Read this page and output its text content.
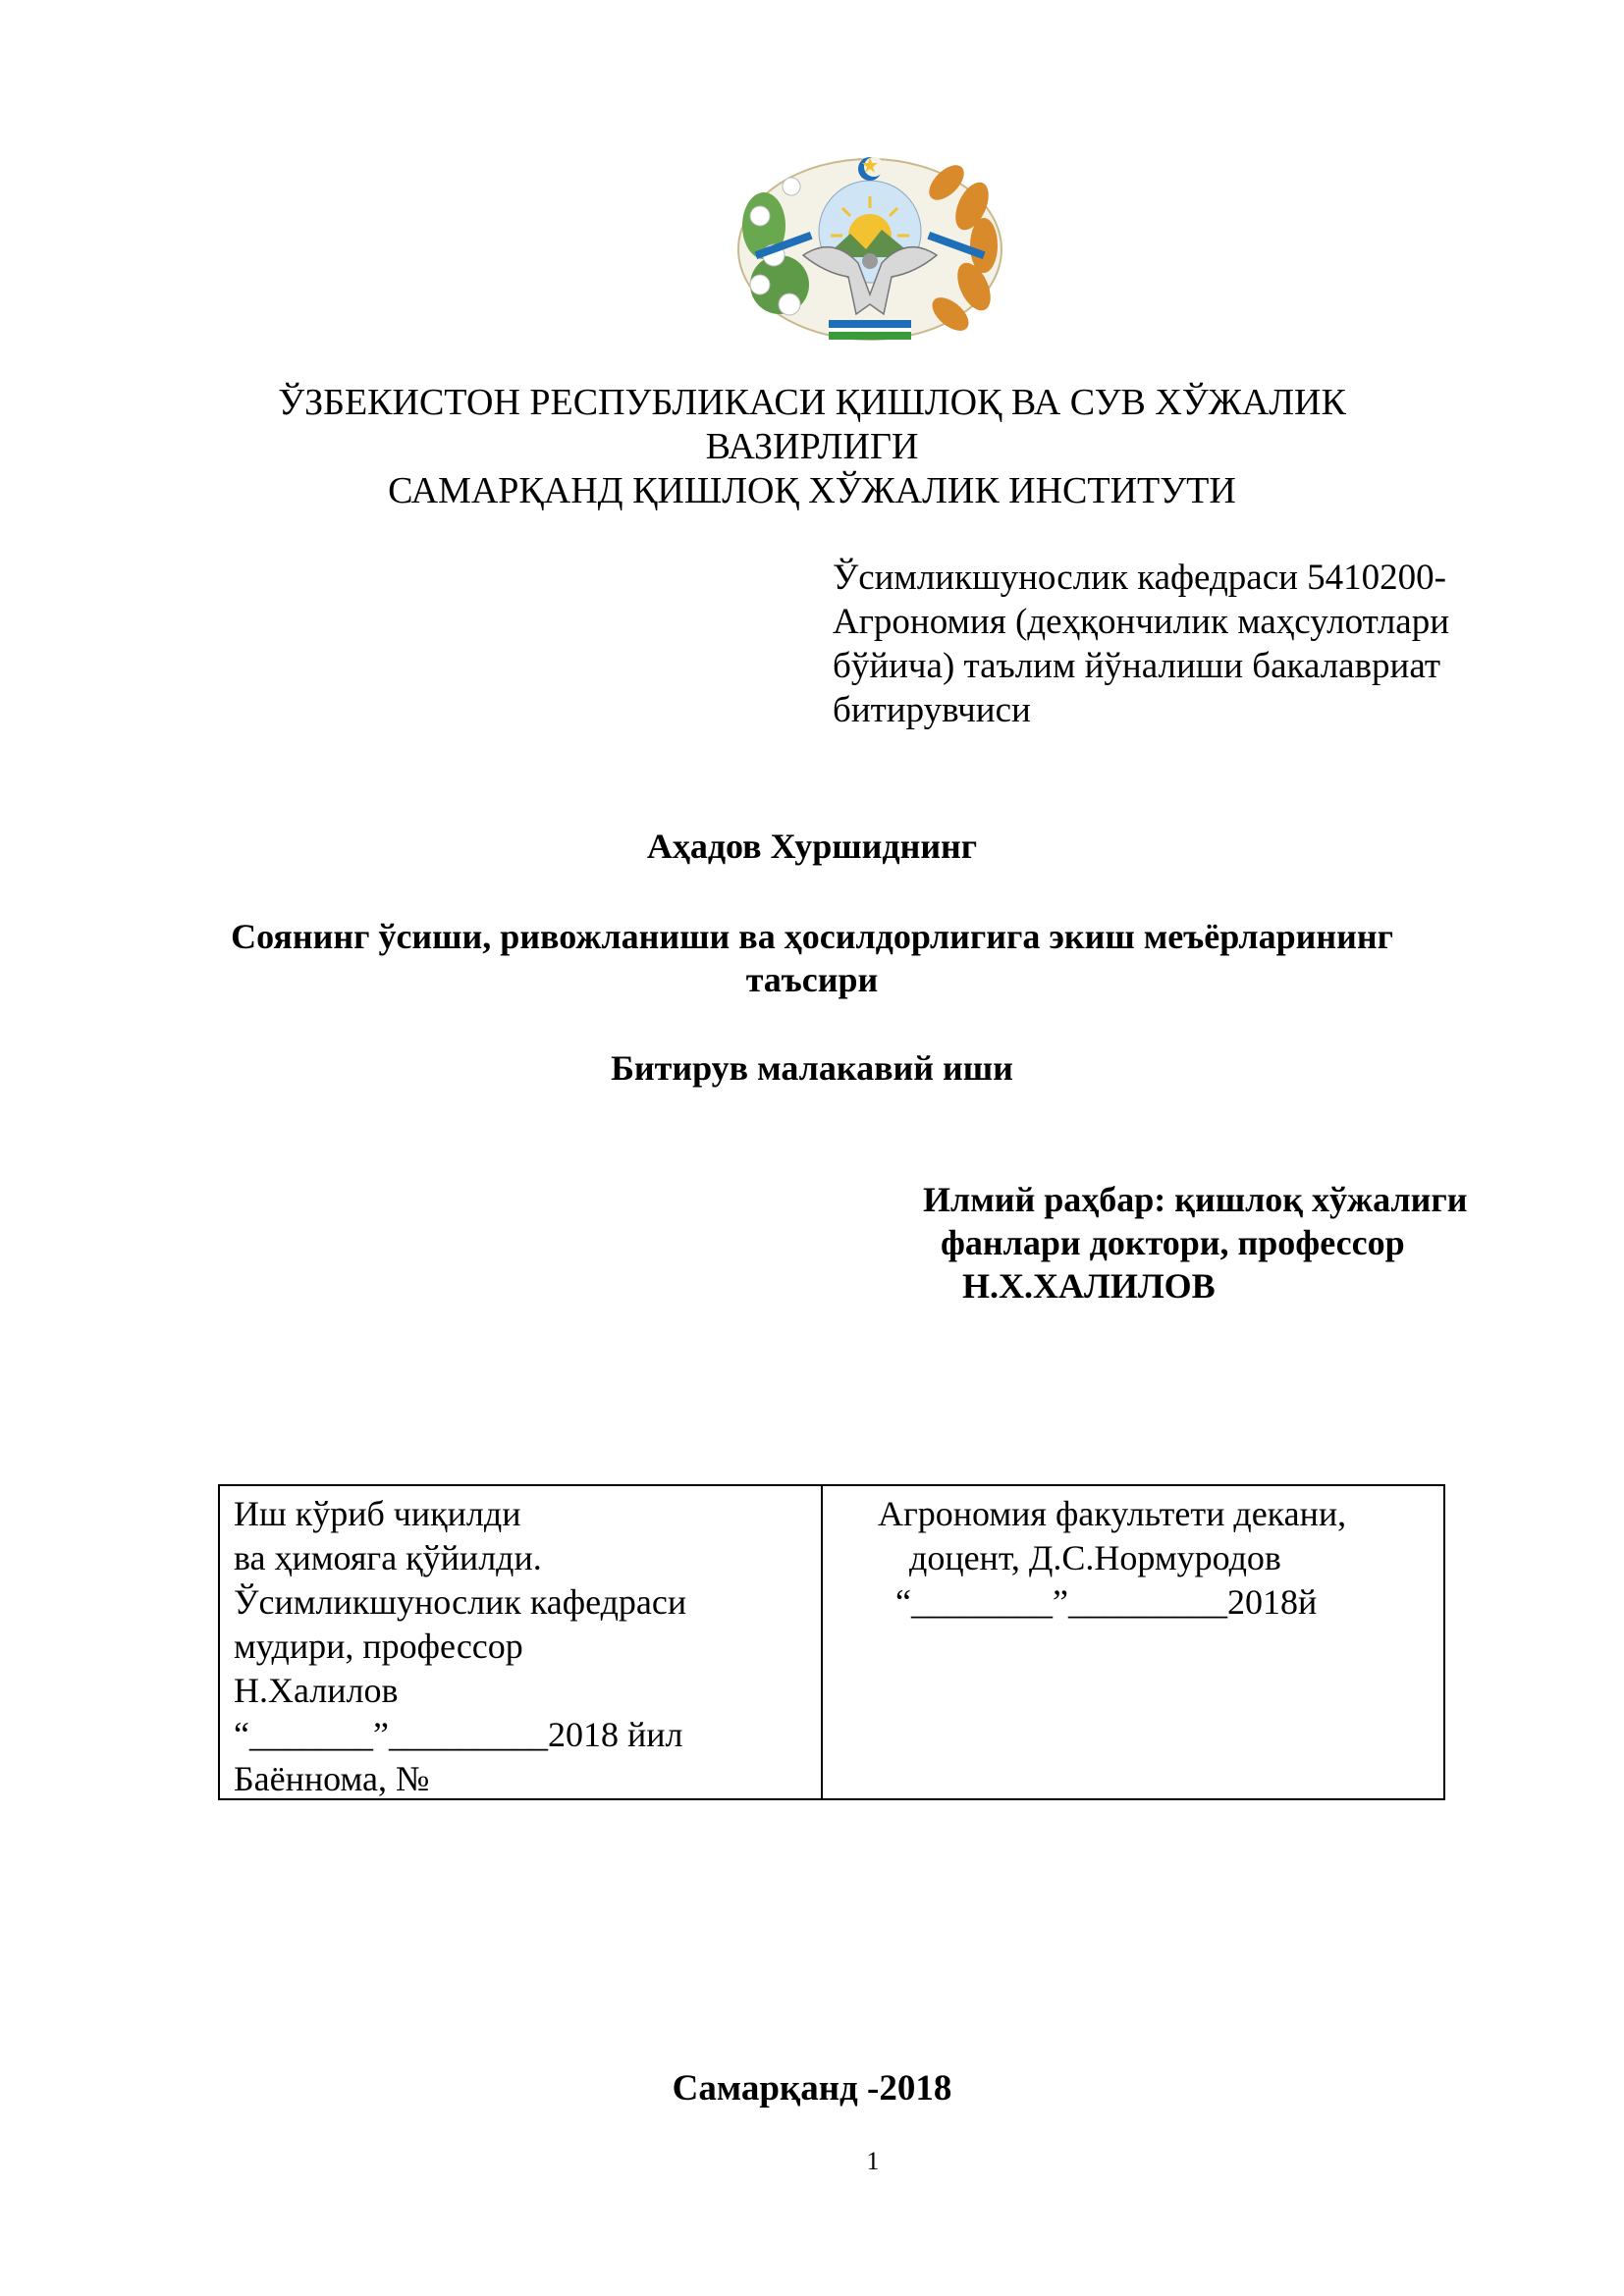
ЎЗБЕКИСТОН РЕСПУБЛИКАСИ ҚИШЛОҚ ВА СУВ ХЎЖАЛИК
ВАЗИРЛИГИ
САМАРҚАНД ҚИШЛОҚ ХЎЖАЛИК ИНСТИТУТИ
Ўсимликшунослик кафедраси 5410200-
Агрономия (деҳқончилик маҳсулотлари
бўйича) таълим йўналиши бакалавриат
битирувчиси
Аҳадов Хуршиднинг
Соянинг ўсиши, ривожланиши ва ҳосилдорлигига экиш меъёрларининг
таъсири
Битирув малакавий иши
Илмий раҳбар: қишлоқ хўжалиги
фанлари доктори, профессор
Н.Х.ХАЛИЛОВ
Иш кўриб чиқилди
ва ҳимояга қўйилди.
Ўсимликшунослик кафедраси
мудири, профессор
Н.Халилов
“_______”_________2018 йил
Баённома, №
Агрономия факультети декани,
доцент, Д.С.Нормуродов
“________”_________2018й
Самарқанд -2018
1
